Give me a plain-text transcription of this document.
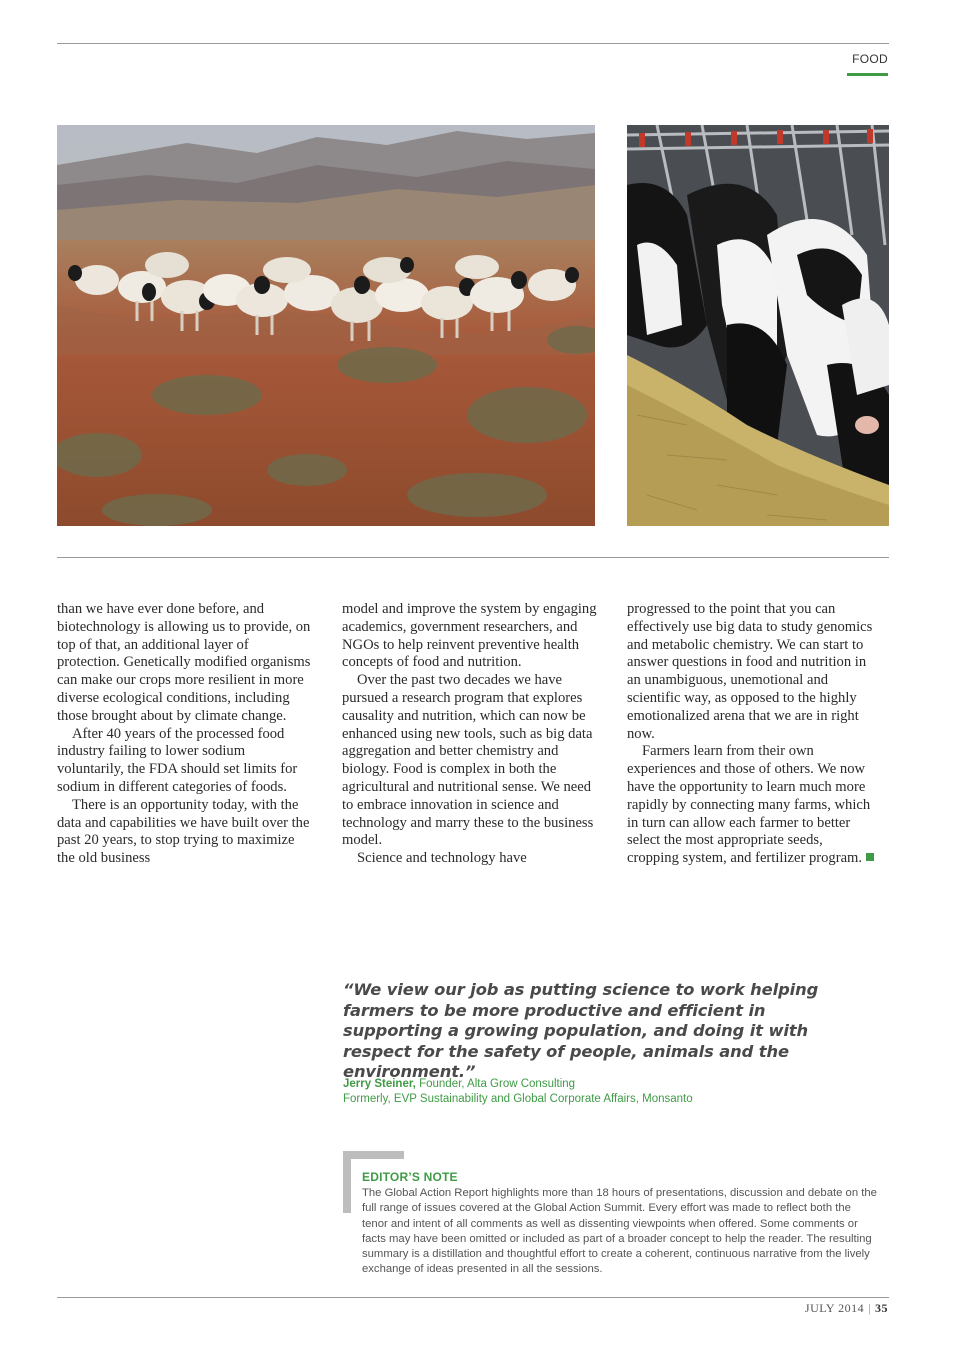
FOOD

than we have ever done before, and biotechnology is allowing us to provide, on top of that, an additional layer of protection. Genetically modified organisms can make our crops more resilient in more diverse ecological conditions, including those brought about by climate change.

After 40 years of the processed food industry failing to lower sodium voluntarily, the FDA should set limits for sodium in different categories of foods.

There is an opportunity today, with the data and capabilities we have built over the past 20 years, to stop trying to maximize the old business

model and improve the system by engaging academics, government researchers, and NGOs to help reinvent preventive health concepts of food and nutrition.

Over the past two decades we have pursued a research program that explores causality and nutrition, which can now be enhanced using new tools, such as big data aggregation and better chemistry and biology. Food is complex in both the agricultural and nutritional sense. We need to embrace innovation in science and technology and marry these to the business model.

Science and technology have

progressed to the point that you can effectively use big data to study genomics and metabolic chemistry. We can start to answer questions in food and nutrition in an unambiguous, unemotional and scientific way, as opposed to the highly emotionalized arena that we are in right now.

Farmers learn from their own experiences and those of others. We now have the opportunity to learn much more rapidly by connecting many farms, which in turn can allow each farmer to better select the most appropriate seeds, cropping system, and fertilizer program.

“We view our job as putting science to work helping farmers to be more productive and efficient in supporting a growing population, and doing it with respect for the safety of people, animals and the environment.”
Jerry Steiner, Founder, Alta Grow Consulting
Formerly, EVP Sustainability and Global Corporate Affairs, Monsanto
EDITOR’S NOTE
The Global Action Report highlights more than 18 hours of presentations, discussion and debate on the full range of issues covered at the Global Action Summit. Every effort was made to reflect both the tenor and intent of all comments as well as dissenting viewpoints when offered. Some comments or facts may have been omitted or included as part of a broader concept to help the reader. The resulting summary is a distillation and thoughtful effort to create a coherent, continuous narrative from the lively exchange of ideas presented in all the sessions.
JULY 2014 | 35
